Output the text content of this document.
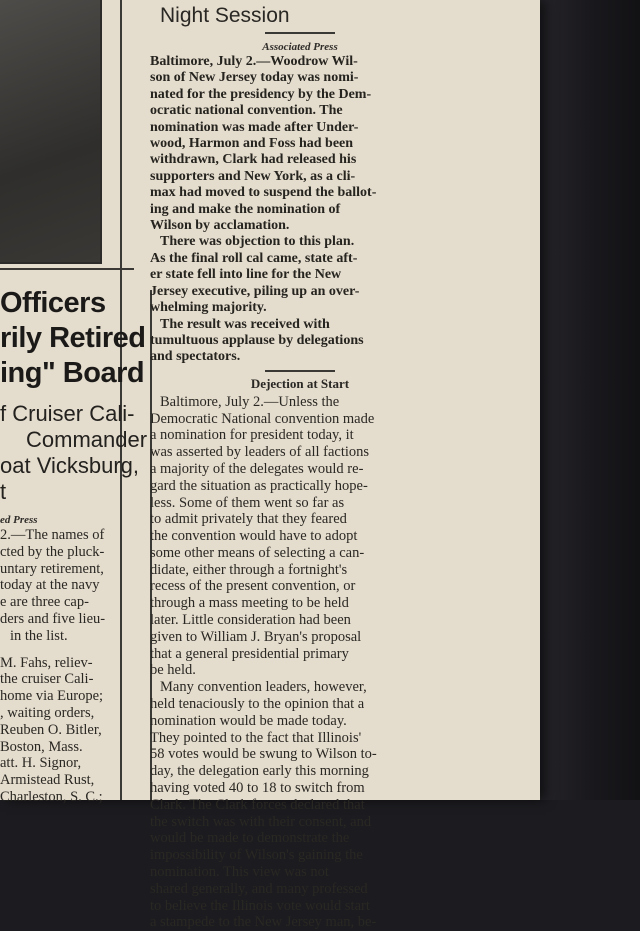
Officers

rily Retired

ing" Board

f Cruiser Cali-

Commander

oat Vicksburg,

t

ed Press

2.—The names of

cted by the pluck-

untary retirement,

today at the navy

e are three cap-

ders and five lieu-

in the list.

M. Fahs, reliev-

the cruiser Cali-

home via Europe;

, waiting orders,

Reuben O. Bitler,

Boston, Mass.

att. H. Signor,

Armistead Rust,

Charleston, S. C.;

Night Session

Associated Press

Baltimore, July 2.—Woodrow Wil-

son of New Jersey today was nomi-

nated for the presidency by the Dem-

ocratic national convention. The

nomination was made after Under-

wood, Harmon and Foss had been

withdrawn, Clark had released his

supporters and New York, as a cli-

max had moved to suspend the ballot-

ing and make the nomination of

Wilson by acclamation.

There was objection to this plan.

As the final roll cal came, state aft-

er state fell into line for the New

Jersey executive, piling up an over-

whelming majority.

The result was received with

tumultuous applause by delegations

and spectators.

Dejection at Start

Baltimore, July 2.—Unless the

Democratic National convention made

a nomination for president today, it

was asserted by leaders of all factions

a majority of the delegates would re-

gard the situation as practically hope-

less. Some of them went so far as

to admit privately that they feared

the convention would have to adopt

some other means of selecting a can-

didate, either through a fortnight's

recess of the present convention, or

through a mass meeting to be held

later. Little consideration had been

given to William J. Bryan's proposal

that a general presidential primary

be held.

Many convention leaders, however,

held tenaciously to the opinion that a

nomination would be made today.

They pointed to the fact that Illinois'

58 votes would be swung to Wilson to-

day, the delegation early this morning

having voted 40 to 18 to switch from

Clark. The Clark forces declared that

the switch was with their consent, and

would be made to demonstrate the

impossibility of Wilson's gaining the

nomination. This view was not

shared generally, and many professed

to believe the Illinois vote would start

a stampede to the New Jersey man, be-
